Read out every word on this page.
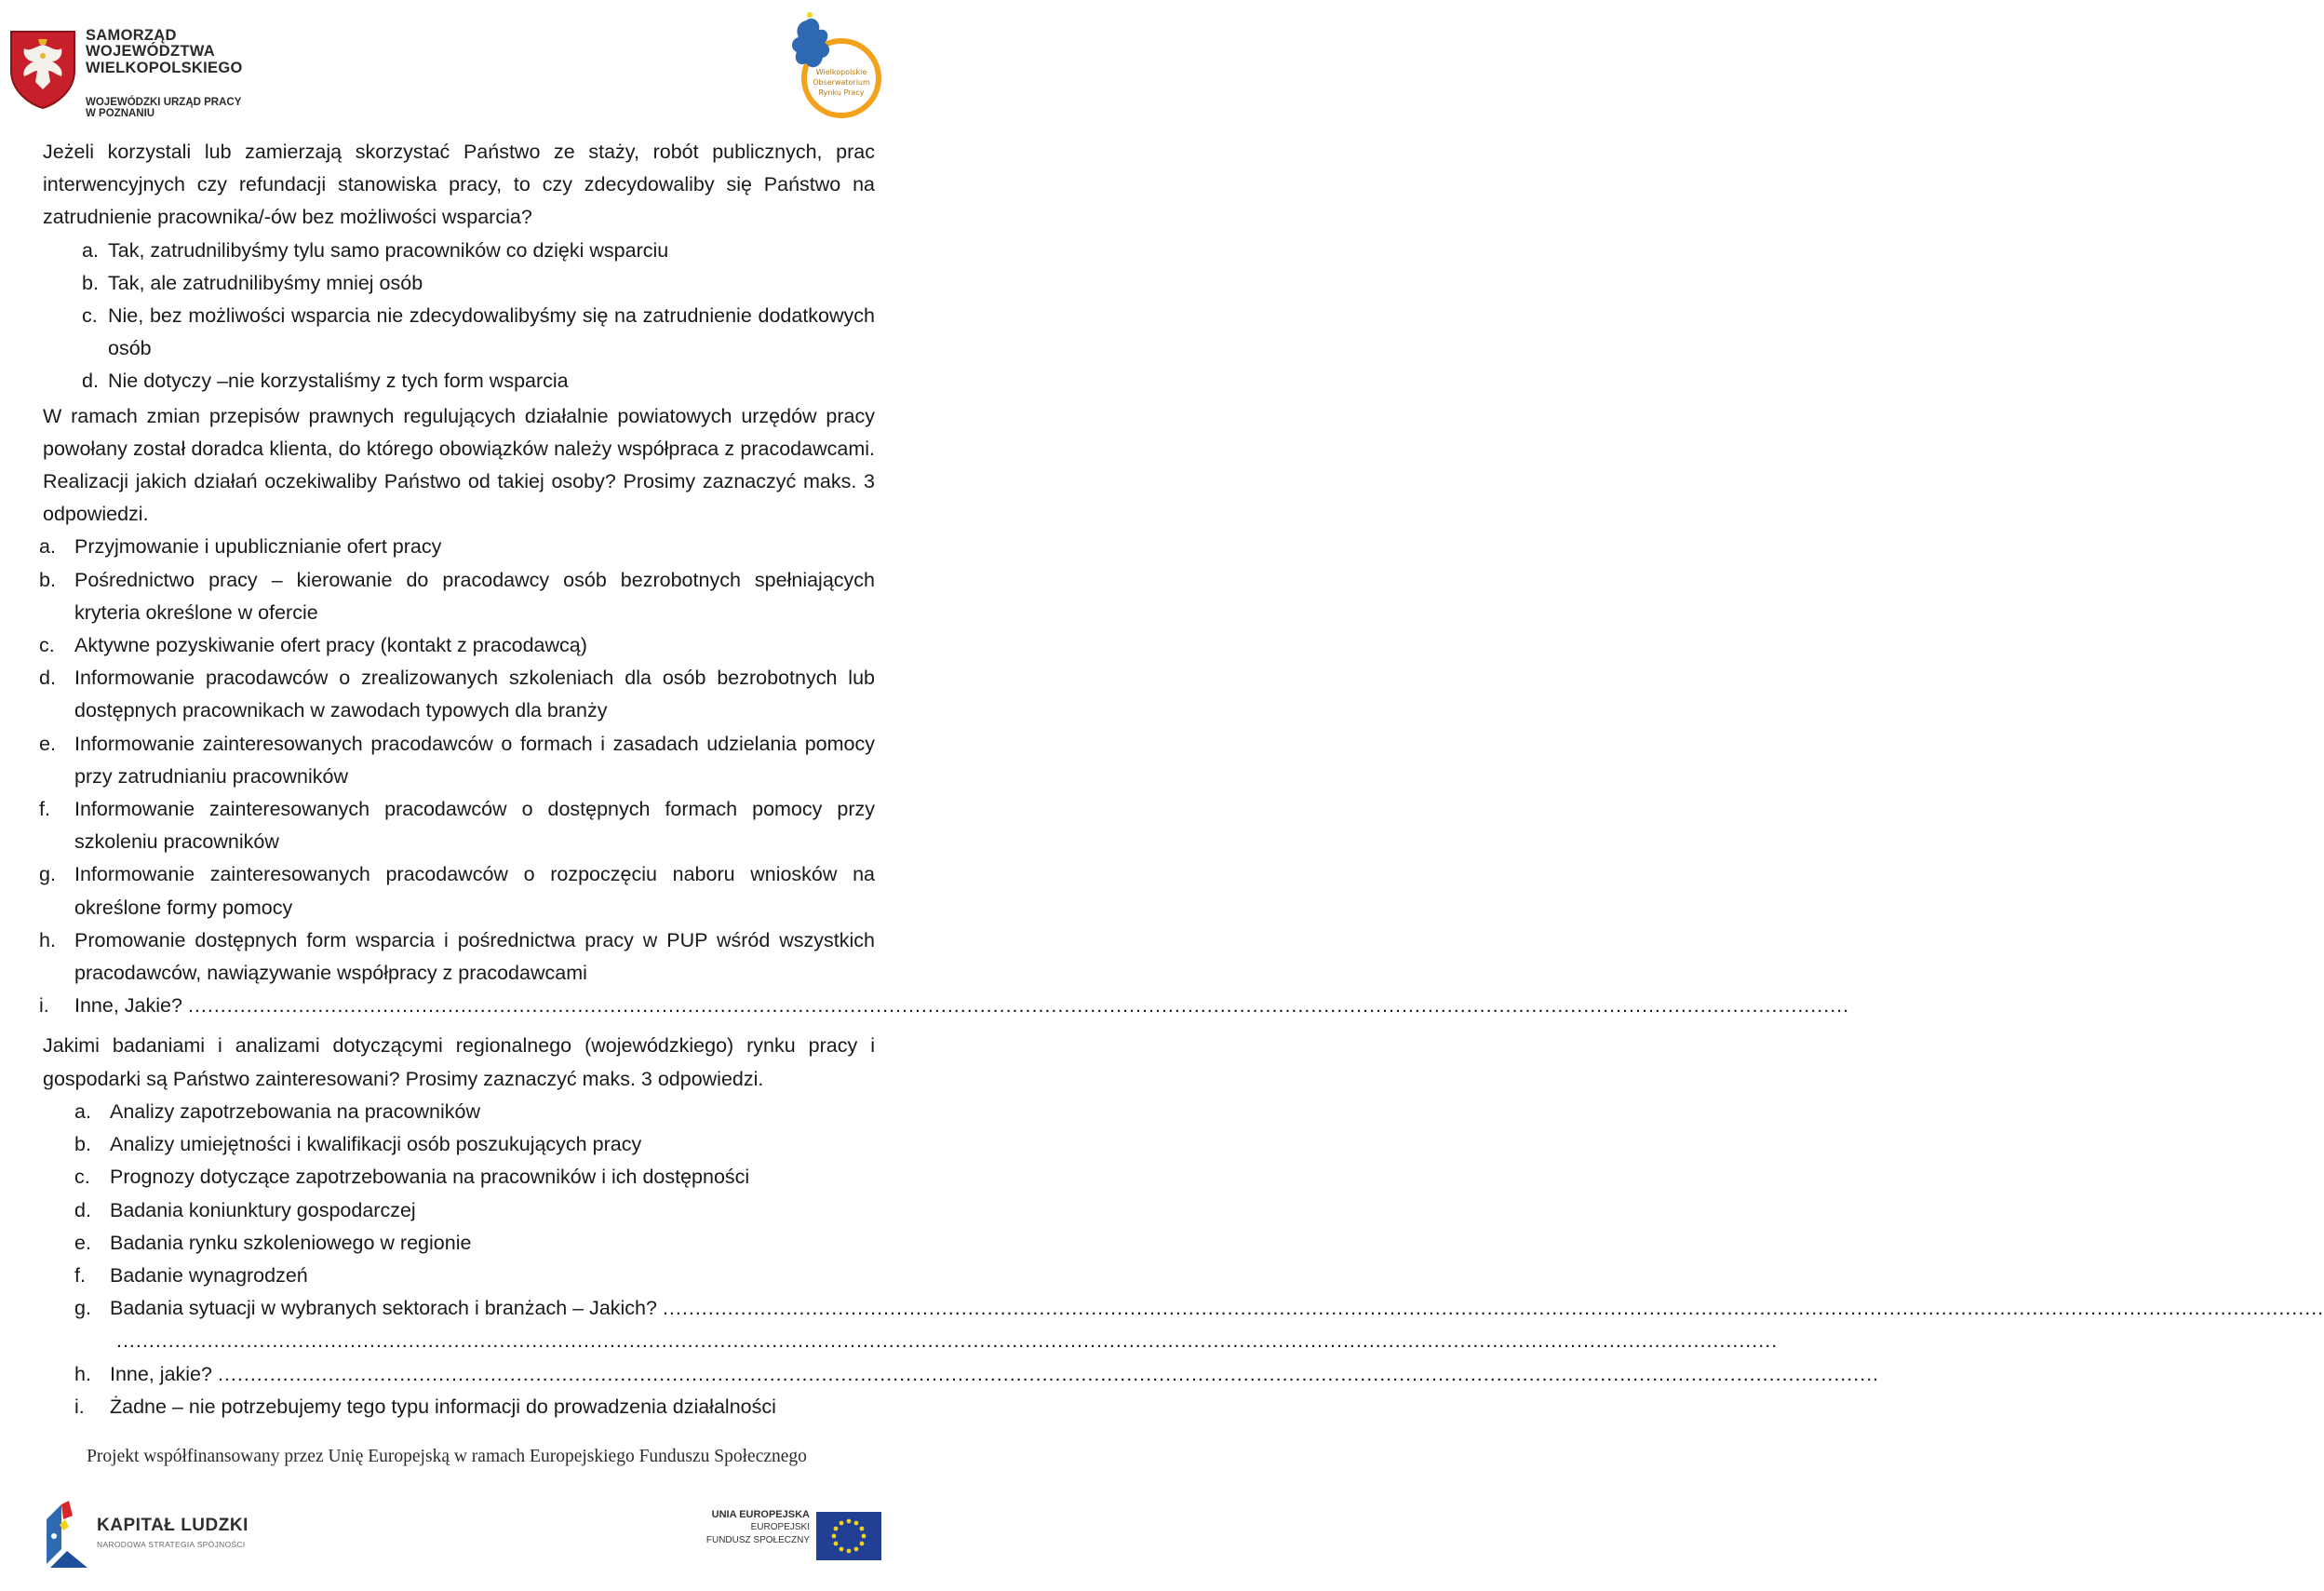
SAMORZĄD WOJEWÓDZTWA
WIELKOPOLSKIEGO
WOJEWÓDZKI URZĄD PRACY
W POZNANIU
Wielkopolskie
Obserwatorium
Rynku Pracy
Jeżeli korzystali lub zamierzają skorzystać Państwo ze staży, robót publicznych, prac interwencyjnych czy refundacji stanowiska pracy, to czy zdecydowaliby się Państwo na zatrudnienie pracownika/-ów bez możliwości wsparcia?
a. Tak, zatrudnilibyśmy tylu samo pracowników co dzięki wsparciu
b. Tak, ale zatrudnilibyśmy mniej osób
c. Nie, bez możliwości wsparcia nie zdecydowalibyśmy się na zatrudnienie dodatkowych osób
d. Nie dotyczy –nie korzystaliśmy z tych form wsparcia
W ramach zmian przepisów prawnych regulujących działalnie powiatowych urzędów pracy powołany został doradca klienta, do którego obowiązków należy współpraca z pracodawcami. Realizacji jakich działań oczekiwaliby Państwo od takiej osoby? Prosimy zaznaczyć maks. 3 odpowiedzi.
a. Przyjmowanie i upublicznianie ofert pracy
b. Pośrednictwo pracy – kierowanie do pracodawcy osób bezrobotnych spełniających kryteria określone w ofercie
c. Aktywne pozyskiwanie ofert pracy (kontakt z pracodawcą)
d. Informowanie pracodawców o zrealizowanych szkoleniach dla osób bezrobotnych lub dostępnych pracownikach w zawodach typowych dla branży
e. Informowanie zainteresowanych pracodawców o formach i zasadach udzielania pomocy przy zatrudnianiu pracowników
f. Informowanie zainteresowanych pracodawców o dostępnych formach pomocy przy szkoleniu pracowników
g. Informowanie zainteresowanych pracodawców o rozpoczęciu naboru wniosków na określone formy pomocy
h. Promowanie dostępnych form wsparcia i pośrednictwa pracy w PUP wśród wszystkich pracodawców, nawiązywanie współpracy z pracodawcami
i. Inne, Jakie? .....
Jakimi badaniami i analizami dotyczącymi regionalnego (wojewódzkiego) rynku pracy i gospodarki są Państwo zainteresowani? Prosimy zaznaczyć maks. 3 odpowiedzi.
a. Analizy zapotrzebowania na pracowników
b. Analizy umiejętności i kwalifikacji osób poszukujących pracy
c. Prognozy dotyczące zapotrzebowania na pracowników i ich dostępności
d. Badania koniunktury gospodarczej
e. Badania rynku szkoleniowego w regionie
f. Badanie wynagrodzeń
g. Badania sytuacji w wybranych sektorach i branżach – Jakich? .....
.....
h. Inne, jakie? .....
i. Żadne – nie potrzebujemy tego typu informacji do prowadzenia działalności
Projekt współfinansowany przez Unię Europejską w ramach Europejskiego Funduszu Społecznego
KAPITAŁ LUDZKI
NARODOWA STRATEGIA SPÓJNOŚCI
UNIA EUROPEJSKA
EUROPEJSKI
FUNDUSZ SPOŁECZNY
